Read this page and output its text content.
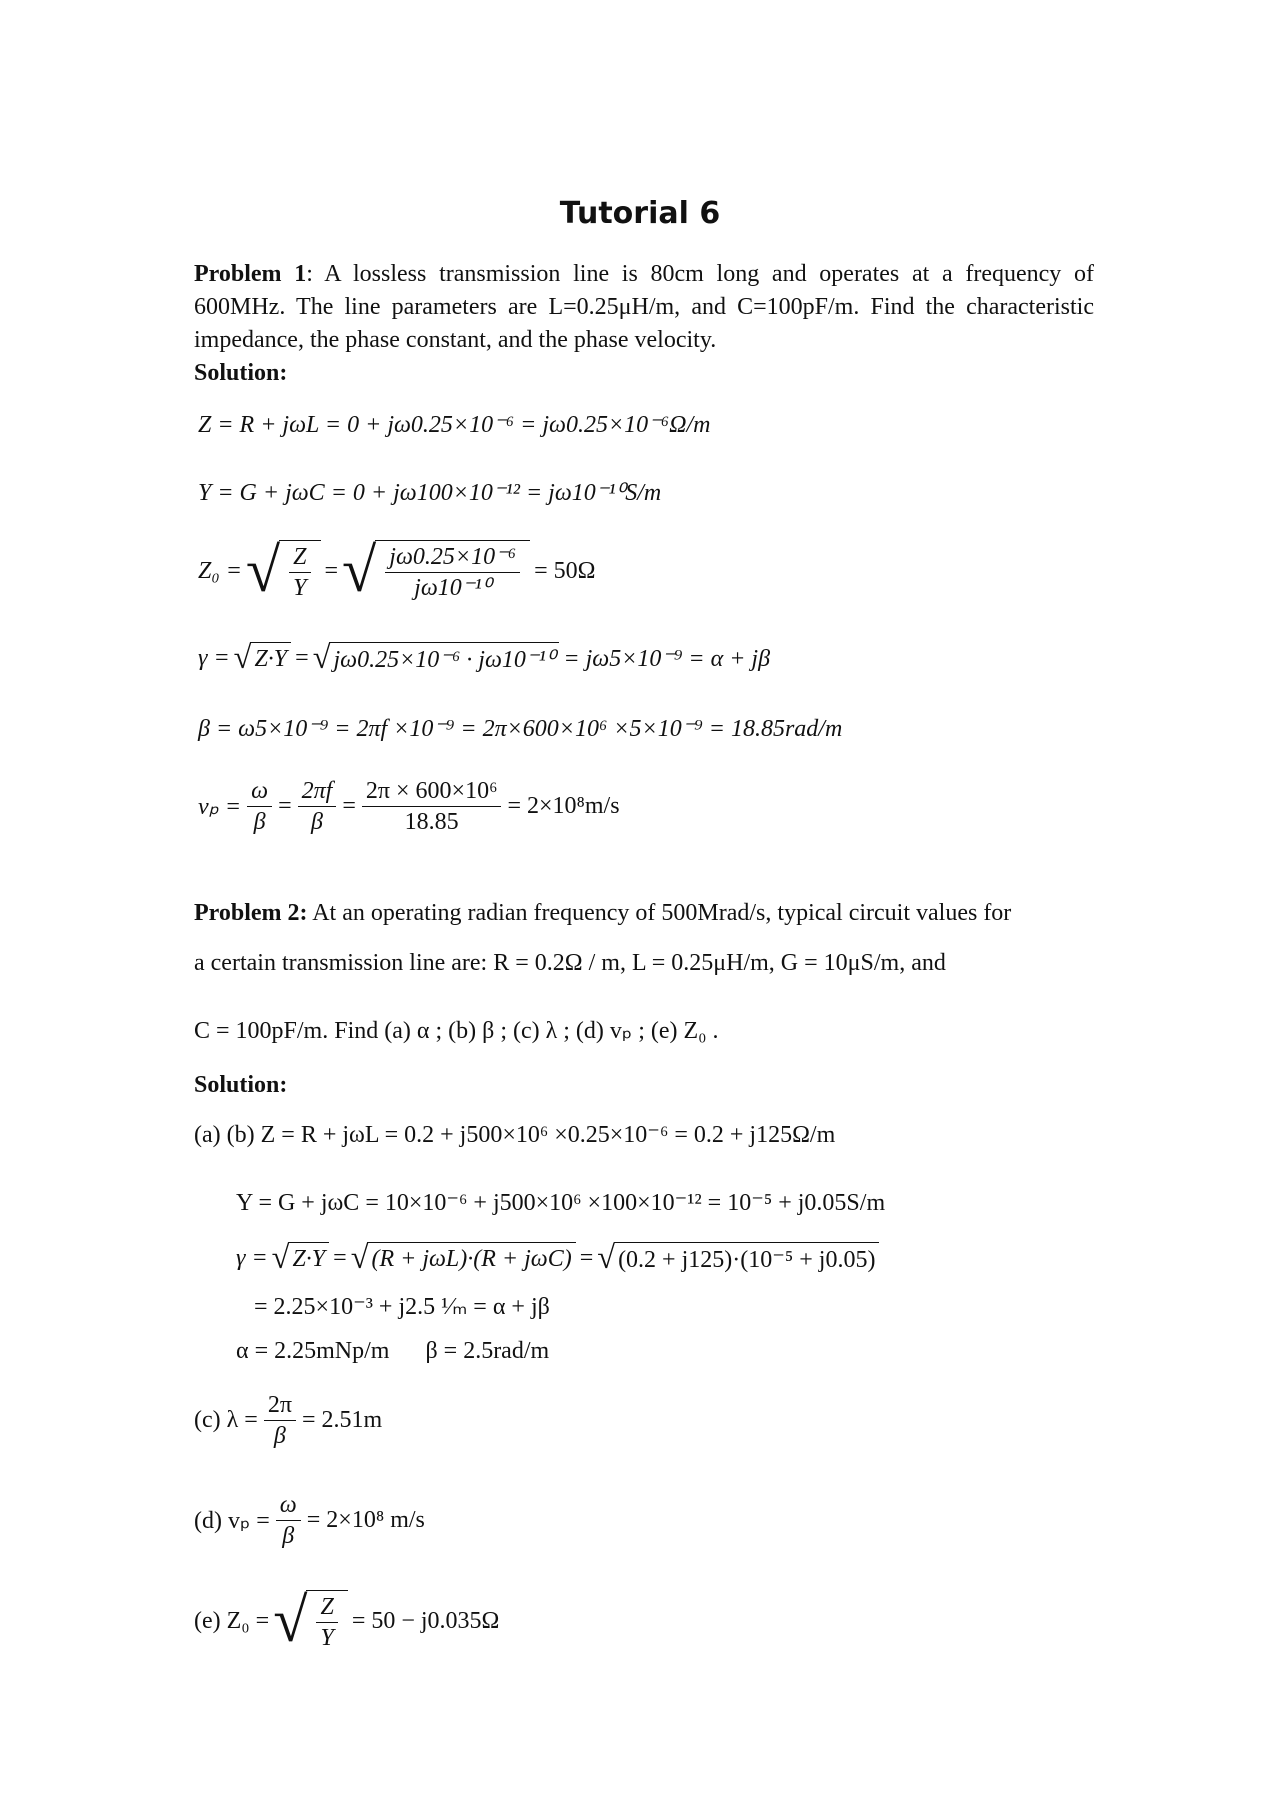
Tutorial 6
Problem 1: A lossless transmission line is 80cm long and operates at a frequency of 600MHz. The line parameters are L=0.25μH/m, and C=100pF/m. Find the characteristic impedance, the phase constant, and the phase velocity.
Solution:
Z = R + jωL = 0 + jω0.25×10⁻⁶ = jω0.25×10⁻⁶Ω/m
Y = G + jωC = 0 + jω100×10⁻¹² = jω10⁻¹⁰S/m
Z₀ = √ $\frac{Z}{Y}$ = √ $\frac{\text{jω0.25×10⁻⁶}}{\text{jω10⁻¹⁰}} = 50\Omega$
γ = √ Z·Y = √ jω0.25×10⁻⁶ · jω10⁻¹⁰ = jω5×10⁻⁹ = α + jβ
β = ω5×10⁻⁹ = 2πf ×10⁻⁹ = 2π×600×10⁶ ×5×10⁻⁹ = 18.85rad/m
$v_p = \frac{\omega}{\beta} = \frac{2\pi f}{\beta} = \frac{\text{2π × 600×10⁶}}{18.85} = 2\times 10^8m/s$
Problem 2: At an operating radian frequency of 500Mrad/s, typical circuit values for
a certain transmission line are: R = 0.2Ω / m, L = 0.25μH/m, G = 10μS/m, and
C = 100pF/m. Find (a) α ; (b) β ; (c) λ ; (d) vₚ ; (e) Z₀ .
Solution:
(a) (b) Z = R + jωL = 0.2 + j500×10⁶ ×0.25×10⁻⁶ = 0.2 + j125Ω/m
Y = G + jωC = 10×10⁻⁶ + j500×10⁶ ×100×10⁻¹² = 10⁻⁵ + j0.05S/m
γ = √ Z·Y = √ (R + jωL)·(R + jωC) = √ (0.2 + j125)·(10⁻⁵ + j0.05)
= 2.25×10⁻³ + j2.5 ¹⁄ₘ = α + jβ
α = 2.25mNp/m      β = 2.5rad/m
(c) $\lambda = \frac{2\pi}{\beta} = 2.51m$
(d) $v_p = \frac{\omega}{\beta} = 2\times 10^8$ m/s
(e) Z₀ = √ $\frac{Z}{Y} = 50 - j0.035\Omega$
